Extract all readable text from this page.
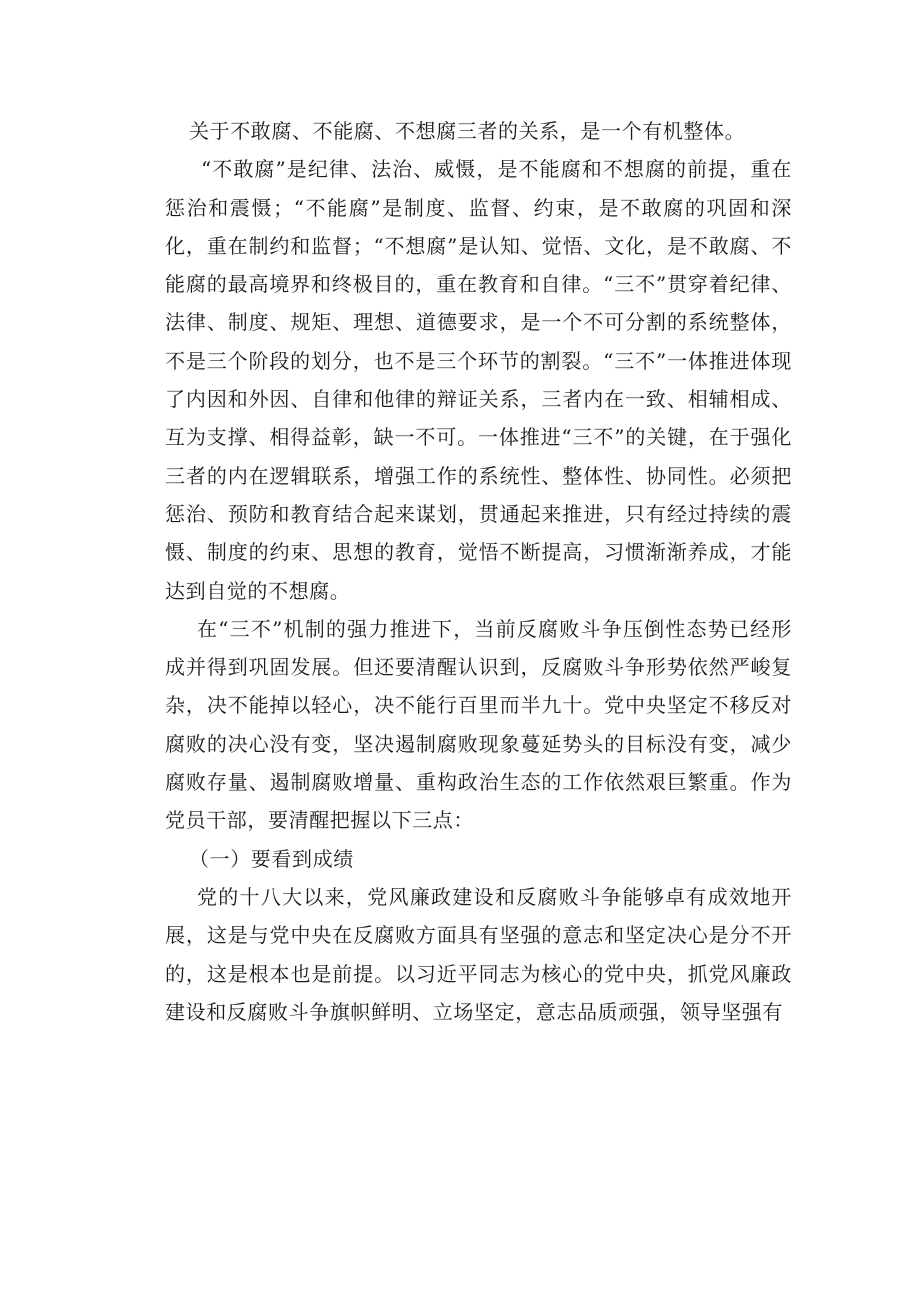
关于不敢腐、不能腐、不想腐三者的关系，是一个有机整体。

“不敢腐”是纪律、法治、威慑，是不能腐和不想腐的前提，重在惩治和震慑；“不能腐”是制度、监督、约束，是不敢腐的巩固和深化，重在制约和监督；“不想腐”是认知、觉悟、文化，是不敢腐、不能腐的最高境界和终极目的，重在教育和自律。“三不”贯穿着纪律、法律、制度、规矩、理想、道德要求，是一个不可分割的系统整体，不是三个阶段的划分，也不是三个环节的割裂。“三不”一体推进体现了内因和外因、自律和他律的辩证关系，三者内在一致、相辅相成、互为支撑、相得益彰，缺一不可。一体推进“三不”的关键，在于强化三者的内在逻辑联系，增强工作的系统性、整体性、协同性。必须把惩治、预防和教育结合起来谋划，贯通起来推进，只有经过持续的震慑、制度的约束、思想的教育，觉悟不断提高，习惯渐渐养成，才能达到自觉的不想腐。

在“三不”机制的强力推进下，当前反腐败斗争压倒性态势已经形成并得到巩固发展。但还要清醒认识到，反腐败斗争形势依然严峻复杂，决不能掉以轻心，决不能行百里而半九十。党中央坚定不移反对腐败的决心没有变，坚决遏制腐败现象蔓延势头的目标没有变，减少腐败存量、遏制腐败增量、重构政治生态的工作依然艰巨繁重。作为党员干部，要清醒把握以下三点：

（一）要看到成绩

党的十八大以来，党风廉政建设和反腐败斗争能够卓有成效地开展，这是与党中央在反腐败方面具有坚强的意志和坚定决心是分不开的，这是根本也是前提。以习近平同志为核心的党中央，抓党风廉政建设和反腐败斗争旗帜鲜明、立场坚定，意志品质顽强，领导坚强有
